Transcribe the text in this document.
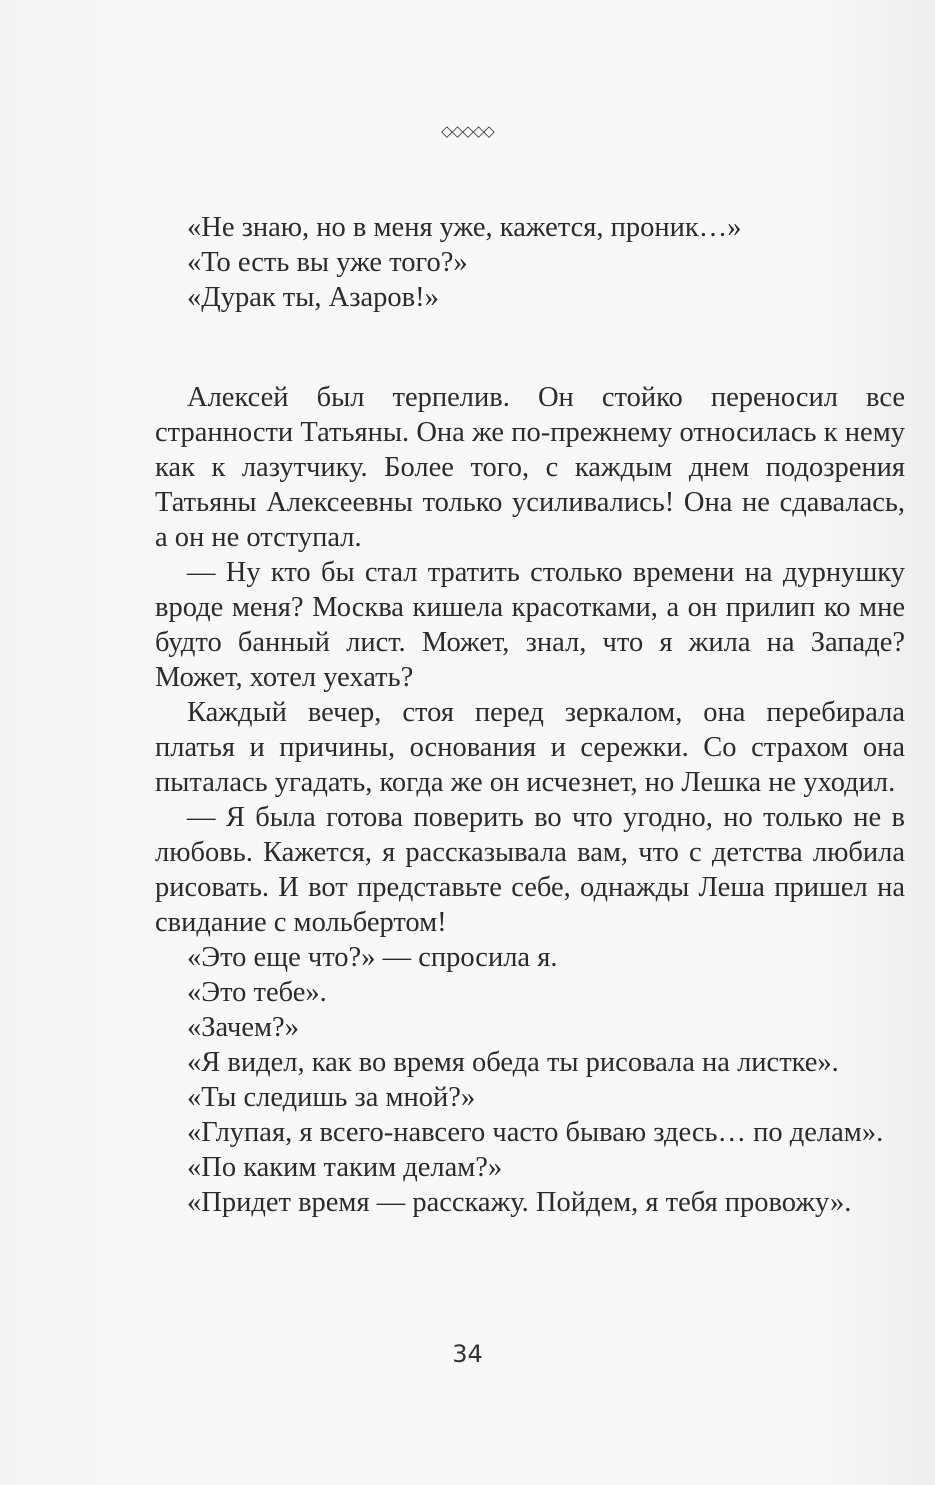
◇◇◇◇◇
«Не знаю, но в меня уже, кажется, проник…»
«То есть вы уже того?»
«Дурак ты, Азаров!»

Алексей был терпелив. Он стойко переносил все странности Татьяны. Она же по-прежнему относилась к нему как к лазутчику. Более того, с каждым днем подозрения Татьяны Алексеевны только усиливались! Она не сдавалась, а он не отступал.

— Ну кто бы стал тратить столько времени на дурнушку вроде меня? Москва кишела красотками, а он прилип ко мне будто банный лист. Может, знал, что я жила на Западе? Может, хотел уехать?

Каждый вечер, стоя перед зеркалом, она перебирала платья и причины, основания и сережки. Со страхом она пыталась угадать, когда же он исчезнет, но Лешка не уходил.

— Я была готова поверить во что угодно, но только не в любовь. Кажется, я рассказывала вам, что с детства любила рисовать. И вот представьте себе, однажды Леша пришел на свидание с мольбертом!

«Это еще что?» — спросила я.
«Это тебе».
«Зачем?»
«Я видел, как во время обеда ты рисовала на листке».
«Ты следишь за мной?»
«Глупая, я всего-навсего часто бываю здесь… по делам».
«По каким таким делам?»
«Придет время — расскажу. Пойдем, я тебя провожу».
34
